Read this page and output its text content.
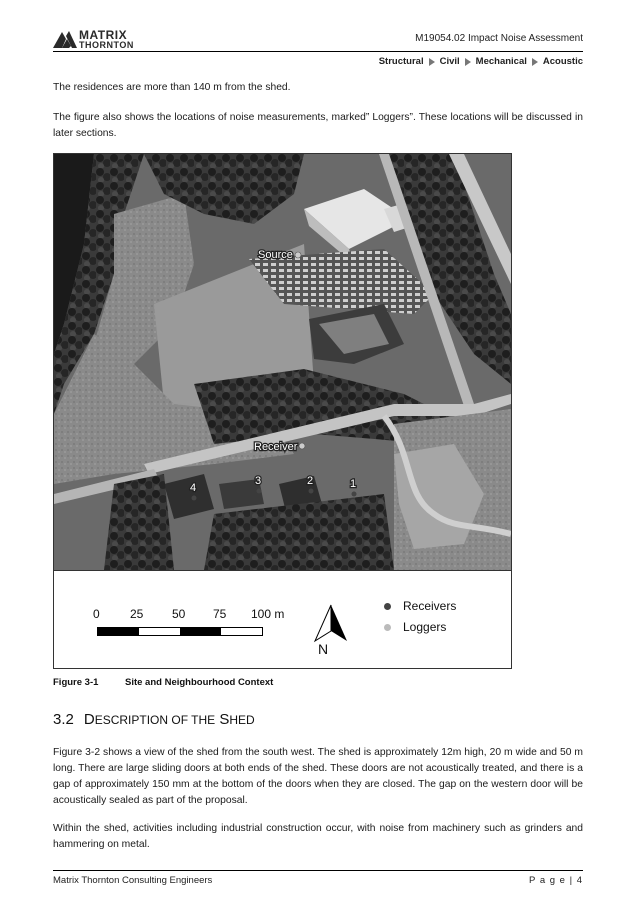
MATRIX
THORNTON
M19054.02 Impact Noise Assessment
Structural Civil Mechanical Acoustic

The residences are more than 140 m from the shed.

The figure also shows the locations of noise measurements, marked” Loggers”. These locations will be discussed in later sections.

Source
Receiver
1
2
3
4
0	25 50 75 100 m
N
Receivers
Loggers
Figure 3-1	Site and Neighbourhood Context
3.2 DESCRIPTION OF THE SHED

Figure 3-2 shows a view of the shed from the south west. The shed is approximately 12m high, 20 m wide and 50 m long. There are large sliding doors at both ends of the shed. These doors are not acoustically treated, and there is a gap of approximately 150 mm at the bottom of the doors when they are closed. The gap on the western door will be acoustically sealed as part of the proposal.

Within the shed, activities including industrial construction occur, with noise from machinery such as grinders and hammering on metal.

Matrix Thornton Consulting Engineers	P a g e | 4
